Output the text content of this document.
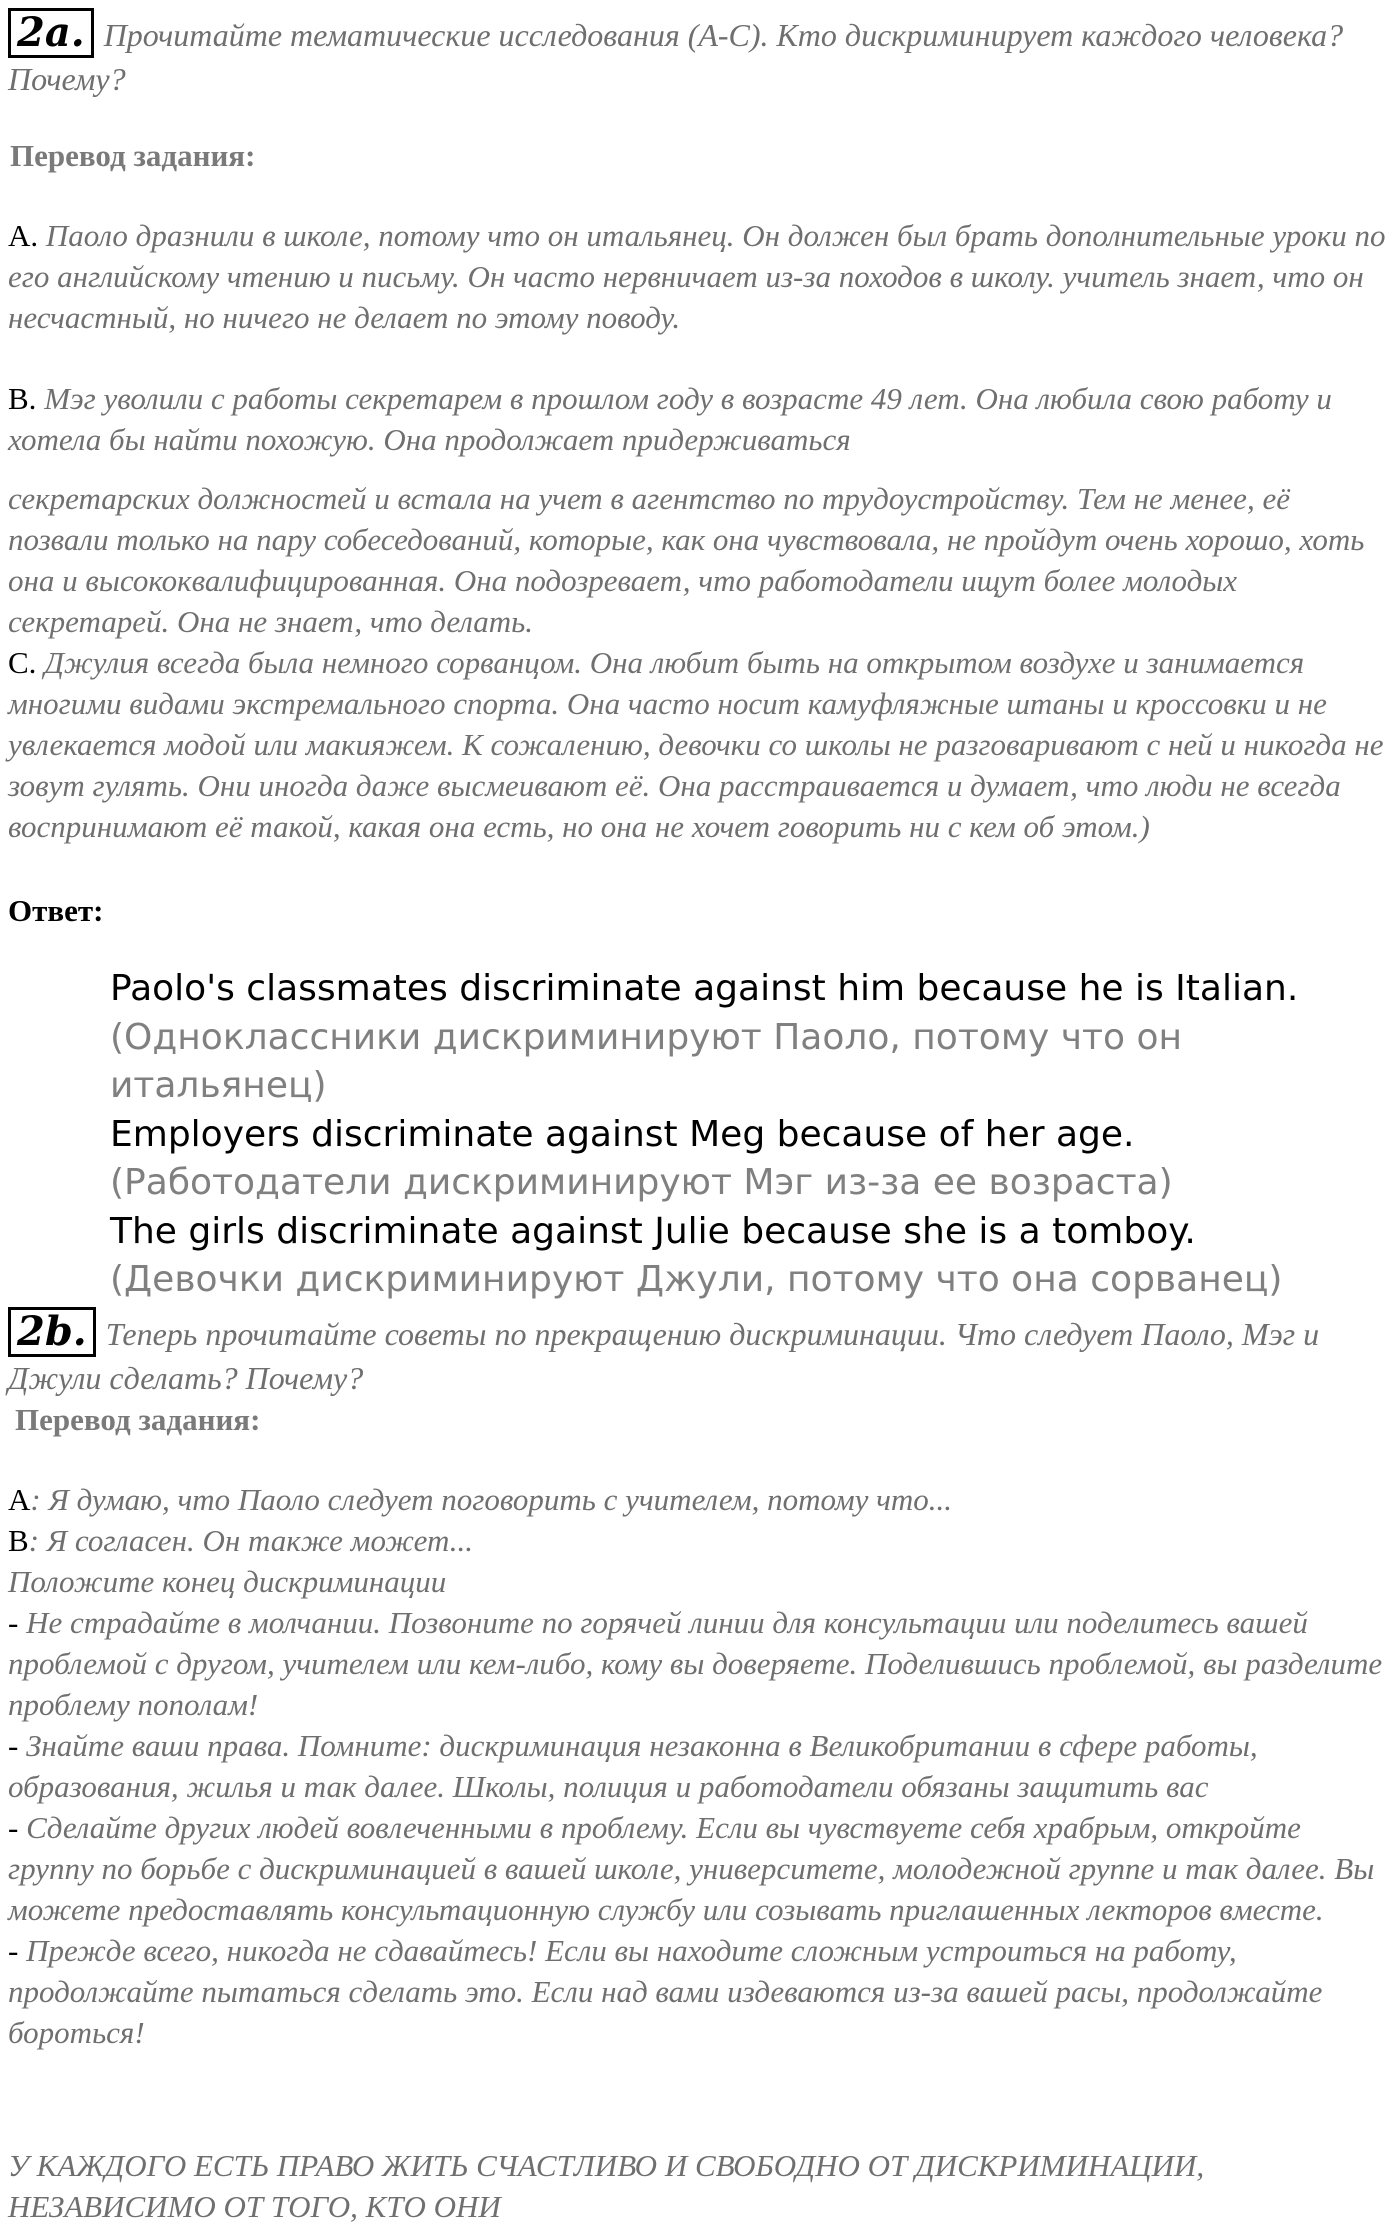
2a. Прочитайте тематические исследования (А-С). Кто дискриминирует каждого человека? Почему?
Перевод задания:
А. Паоло дразнили в школе, потому что он итальянец. Он должен был брать дополнительные уроки по его английскому чтению и письму. Он часто нервничает из-за походов в школу. учитель знает, что он несчастный, но ничего не делает по этому поводу.
В. Мэг уволили с работы секретарем в прошлом году в возрасте 49 лет. Она любила свою работу и хотела бы найти похожую. Она продолжает придерживаться
секретарских должностей и встала на учет в агентство по трудоустройству. Тем не менее, её позвали только на пару собеседований, которые, как она чувствовала, не пройдут очень хорошо, хоть она и высококвалифицированная. Она подозревает, что работодатели ищут более молодых секретарей. Она не знает, что делать.
С. Джулия всегда была немного сорванцом. Она любит быть на открытом воздухе и занимается многими видами экстремального спорта. Она часто носит камуфляжные штаны и кроссовки и не увлекается модой или макияжем. К сожалению, девочки со школы не разговаривают с ней и никогда не зовут гулять. Они иногда даже высмеивают её. Она расстраивается и думает, что люди не всегда воспринимают её такой, какая она есть, но она не хочет говорить ни с кем об этом.)
Ответ:
Paolo's classmates discriminate against him because he is Italian. (Одноклассники дискриминируют Паоло, потому что он итальянец)
Employers discriminate against Meg because of her age. (Работодатели дискриминируют Мэг из-за ее возраста)
The girls discriminate against Julie because she is a tomboy. (Девочки дискриминируют Джули, потому что она сорванец)
2b. Теперь прочитайте советы по прекращению дискриминации. Что следует Паоло, Мэг и Джули сделать? Почему?
Перевод задания:
А: Я думаю, что Паоло следует поговорить с учителем, потому что...
В: Я согласен. Он также может...
Положите конец дискриминации
- Не страдайте в молчании. Позвоните по горячей линии для консультации или поделитесь вашей проблемой с другом, учителем или кем-либо, кому вы доверяете. Поделившись проблемой, вы разделите проблему пополам!
- Знайте ваши права. Помните: дискриминация незаконна в Великобритании в сфере работы, образования, жилья и так далее. Школы, полиция и работодатели обязаны защитить вас
- Сделайте других людей вовлеченными в проблему. Если вы чувствуете себя храбрым, откройте группу по борьбе с дискриминацией в вашей школе, университете, молодежной группе и так далее. Вы можете предоставлять консультационную службу или созывать приглашенных лекторов вместе.
- Прежде всего, никогда не сдавайтесь! Если вы находите сложным устроиться на работу, продолжайте пытаться сделать это. Если над вами издеваются из-за вашей расы, продолжайте бороться!
У КАЖДОГО ЕСТЬ ПРАВО ЖИТЬ СЧАСТЛИВО И СВОБОДНО ОТ ДИСКРИМИНАЦИИ, НЕЗАВИСИМО ОТ ТОГО, КТО ОНИ
